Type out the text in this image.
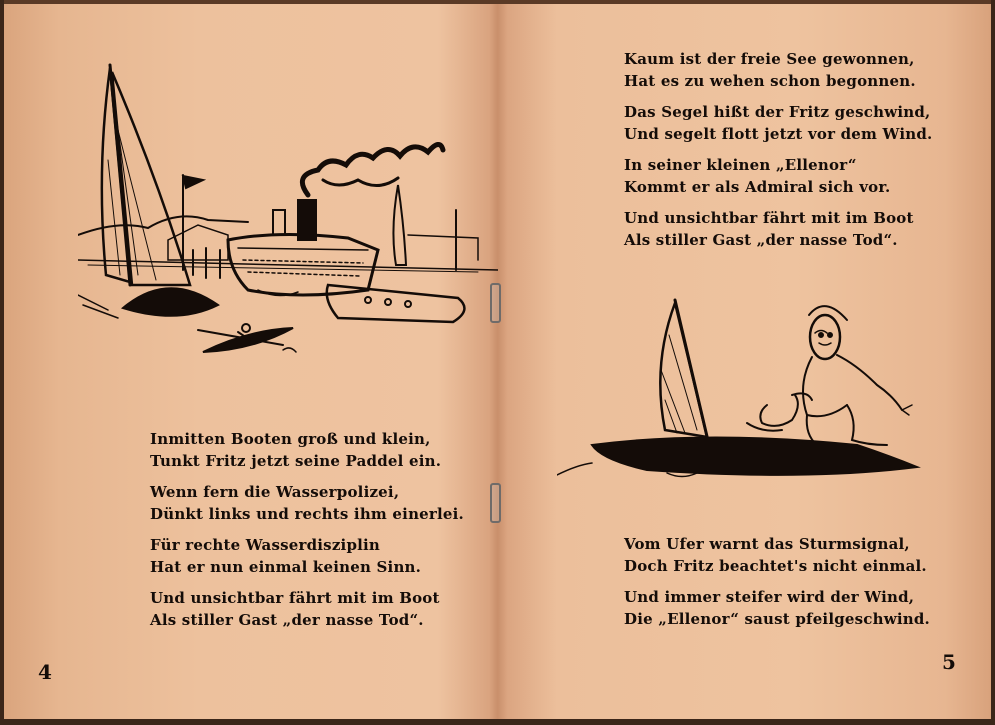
Inmitten Booten groß und klein,
Tunkt Fritz jetzt seine Paddel ein.

Wenn fern die Wasserpolizei,
Dünkt links und rechts ihm einerlei.

Für rechte Wasserdisziplin
Hat er nun einmal keinen Sinn.

Und unsichtbar fährt mit im Boot
Als stiller Gast „der nasse Tod“.

4

Kaum ist der freie See gewonnen,
Hat es zu wehen schon begonnen.

Das Segel hißt der Fritz geschwind,
Und segelt flott jetzt vor dem Wind.

In seiner kleinen „Ellenor“
Kommt er als Admiral sich vor.

Und unsichtbar fährt mit im Boot
Als stiller Gast „der nasse Tod“.

Vom Ufer warnt das Sturmsignal,
Doch Fritz beachtet's nicht einmal.

Und immer steifer wird der Wind,
Die „Ellenor“ saust pfeilgeschwind.

5
